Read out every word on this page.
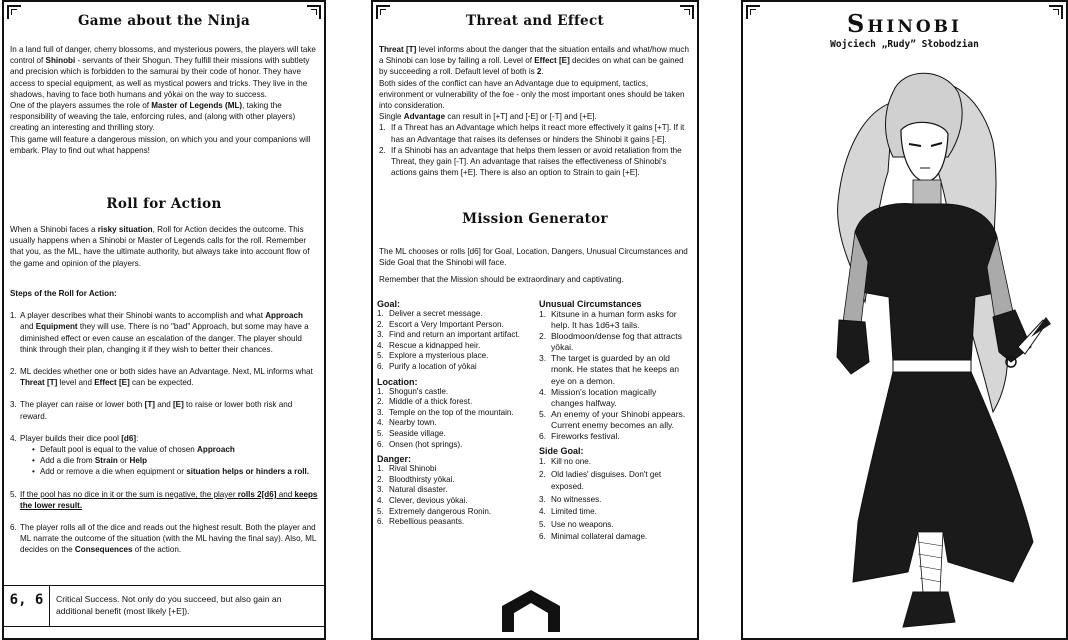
Game about the Ninja

In a land full of danger, cherry blossoms, and mysterious powers, the players will take control of Shinobi - servants of their Shogun. They fulfill their missions with subtlety and precision which is forbidden to the samurai by their code of honor. They have access to special equipment, as well as mystical powers and tricks. They live in the shadows, having to face both humans and yōkai on the way to success.

One of the players assumes the role of Master of Legends (ML), taking the responsibility of weaving the tale, enforcing rules, and (along with other players) creating an interesting and thrilling story.

This game will feature a dangerous mission, on which you and your companions will embark. Play to find out what happens!

Roll for Action

When a Shinobi faces a risky situation, Roll for Action decides the outcome. This usually happens when a Shinobi or Master of Legends calls for the roll. Remember that you, as the ML, have the ultimate authority, but always take into account flow of the game and opinion of the players.

Steps of the Roll for Action:

1. A player describes what their Shinobi wants to accomplish and what Approach and Equipment they will use. There is no "bad" Approach, but some may have a diminished effect or even cause an escalation of the danger. The player should think through their plan, changing it if they wish to better their chances.
2. ML decides whether one or both sides have an Advantage. Next, ML informs what Threat [T] level and Effect [E] can be expected.
3. The player can raise or lower both [T] and [E] to raise or lower both risk and reward.
4. Player builds their dice pool [d6]:
• Default pool is equal to the value of chosen Approach
• Add a die from Strain or Help
• Add or remove a die when equipment or situation helps or hinders a roll.
5. If the pool has no dice in it or the sum is negative, the player rolls 2[d6] and keeps the lower result.
6. The player rolls all of the dice and reads out the highest result. Both the player and ML narrate the outcome of the situation (with the ML having the final say). Also, ML decides on the Consequences of the action.
6, 6	Critical Success. Not only do you succeed, but also gain an additional benefit (most likely [+E]).
Threat and Effect

Threat [T] level informs about the danger that the situation entails and what/how much a Shinobi can lose by failing a roll. Level of Effect [E] decides on what can be gained by succeeding a roll. Default level of both is 2.

Both sides of the conflict can have an Advantage due to equipment, tactics, environment or vulnerability of the foe - only the most important ones should be taken into consideration.

Single Advantage can result in [+T] and [-E] or [-T] and [+E].

1. If a Threat has an Advantage which helps it react more effectively it gains [+T]. If it has an Advantage that raises its defenses or hinders the Shinobi it gains [-E].
2. If a Shinobi has an advantage that helps them lessen or avoid retaliation from the Threat, they gain [-T]. An advantage that raises the effectiveness of Shinobi's actions gains them [+E]. There is also an option to Strain to gain [+E].
Mission Generator

The ML chooses or rolls [d6] for Goal, Location, Dangers, Unusual Circumstances and Side Goal that the Shinobi will face.

Remember that the Mission should be extraordinary and captivating.

Goal:

1. Deliver a secret message.
2. Escort a Very Important Person.
3. Find and return an important artifact.
4. Rescue a kidnapped heir.
5. Explore a mysterious place.
6. Purify a location of yōkai

Location:

1. Shogun's castle.
2. Middle of a thick forest.
3. Temple on the top of the mountain.
4. Nearby town.
5. Seaside village.
6. Onsen (hot springs).

Danger:

1. Rival Shinobi
2. Bloodthirsty yōkai.
3. Natural disaster.
4. Clever, devious yōkai.
5. Extremely dangerous Ronin.
6. Rebellious peasants.

Unusual Circumstances

1. Kitsune in a human form asks for help. It has 1d6+3 tails.
2. Bloodmoon/dense fog that attracts yōkai.
3. The target is guarded by an old monk. He states that he keeps an eye on a demon.
4. Mission's location magically changes halfway.
5. An enemy of your Shinobi appears. Current enemy becomes an ally.
6. Fireworks festival.

Side Goal:

1. Kill no one.
2. Old ladies' disguises. Don't get exposed.
3. No witnesses.
4. Limited time.
5. Use no weapons.
6. Minimal collateral damage.
Shinobi
Wojciech „Rudy” Słobodzian
